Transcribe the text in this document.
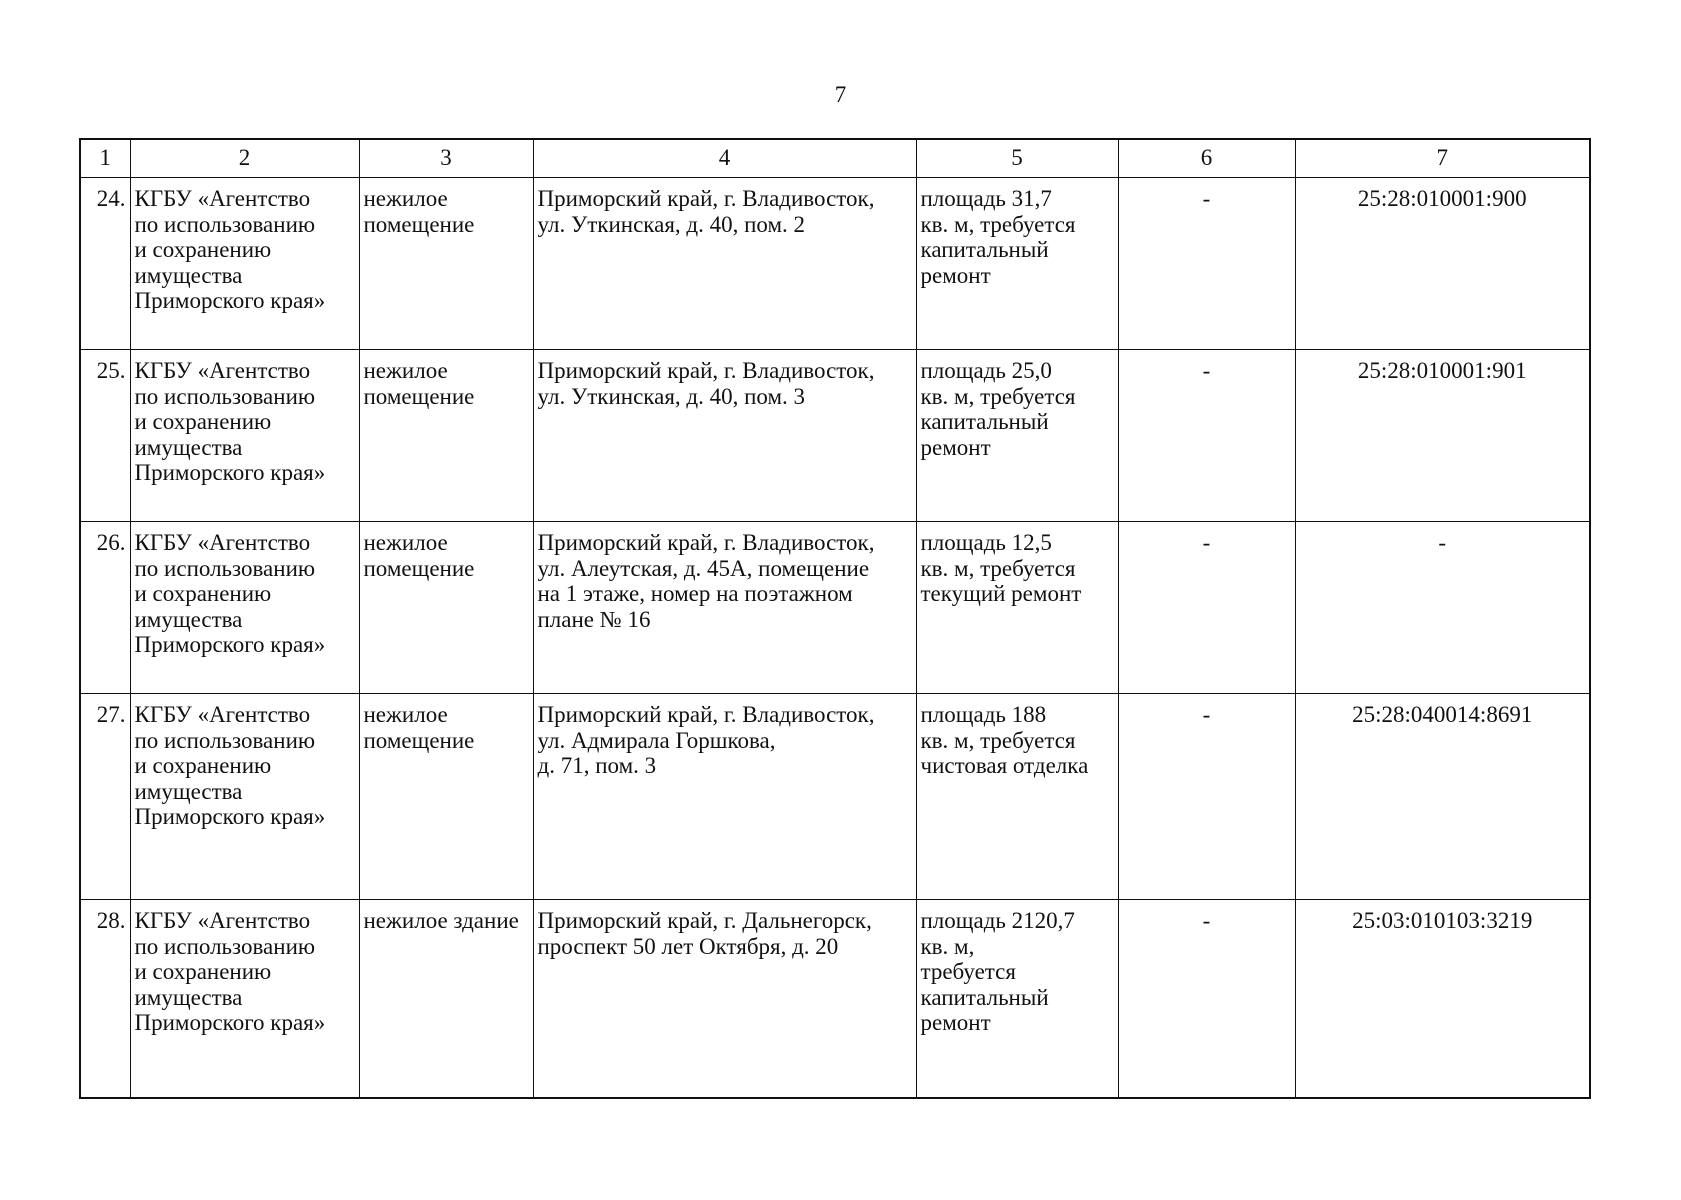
7
1	2	3	4	5	6	7
24.	КГБУ «Агентство
по использованию
и сохранению
имущества
Приморского края»	нежилое
помещение	Приморский край, г. Владивосток,
ул. Уткинская, д. 40, пом. 2	площадь 31,7
кв. м, требуется
капитальный
ремонт	-	25:28:010001:900
25.	КГБУ «Агентство
по использованию
и сохранению
имущества
Приморского края»	нежилое
помещение	Приморский край, г. Владивосток,
ул. Уткинская, д. 40, пом. 3	площадь 25,0
кв. м, требуется
капитальный
ремонт	-	25:28:010001:901
26.	КГБУ «Агентство
по использованию
и сохранению
имущества
Приморского края»	нежилое
помещение	Приморский край, г. Владивосток,
ул. Алеутская, д. 45А, помещение
на 1 этаже, номер на поэтажном
плане № 16	площадь 12,5
кв. м, требуется
текущий ремонт	-	-
27.	КГБУ «Агентство
по использованию
и сохранению
имущества
Приморского края»	нежилое
помещение	Приморский край, г. Владивосток,
ул. Адмирала Горшкова,
д. 71, пом. 3	площадь 188
кв. м, требуется
чистовая отделка	-	25:28:040014:8691
28.	КГБУ «Агентство
по использованию
и сохранению
имущества
Приморского края»	нежилое здание	Приморский край, г. Дальнегорск,
проспект 50 лет Октября, д. 20	площадь 2120,7
кв. м,
требуется
капитальный
ремонт	-	25:03:010103:3219
